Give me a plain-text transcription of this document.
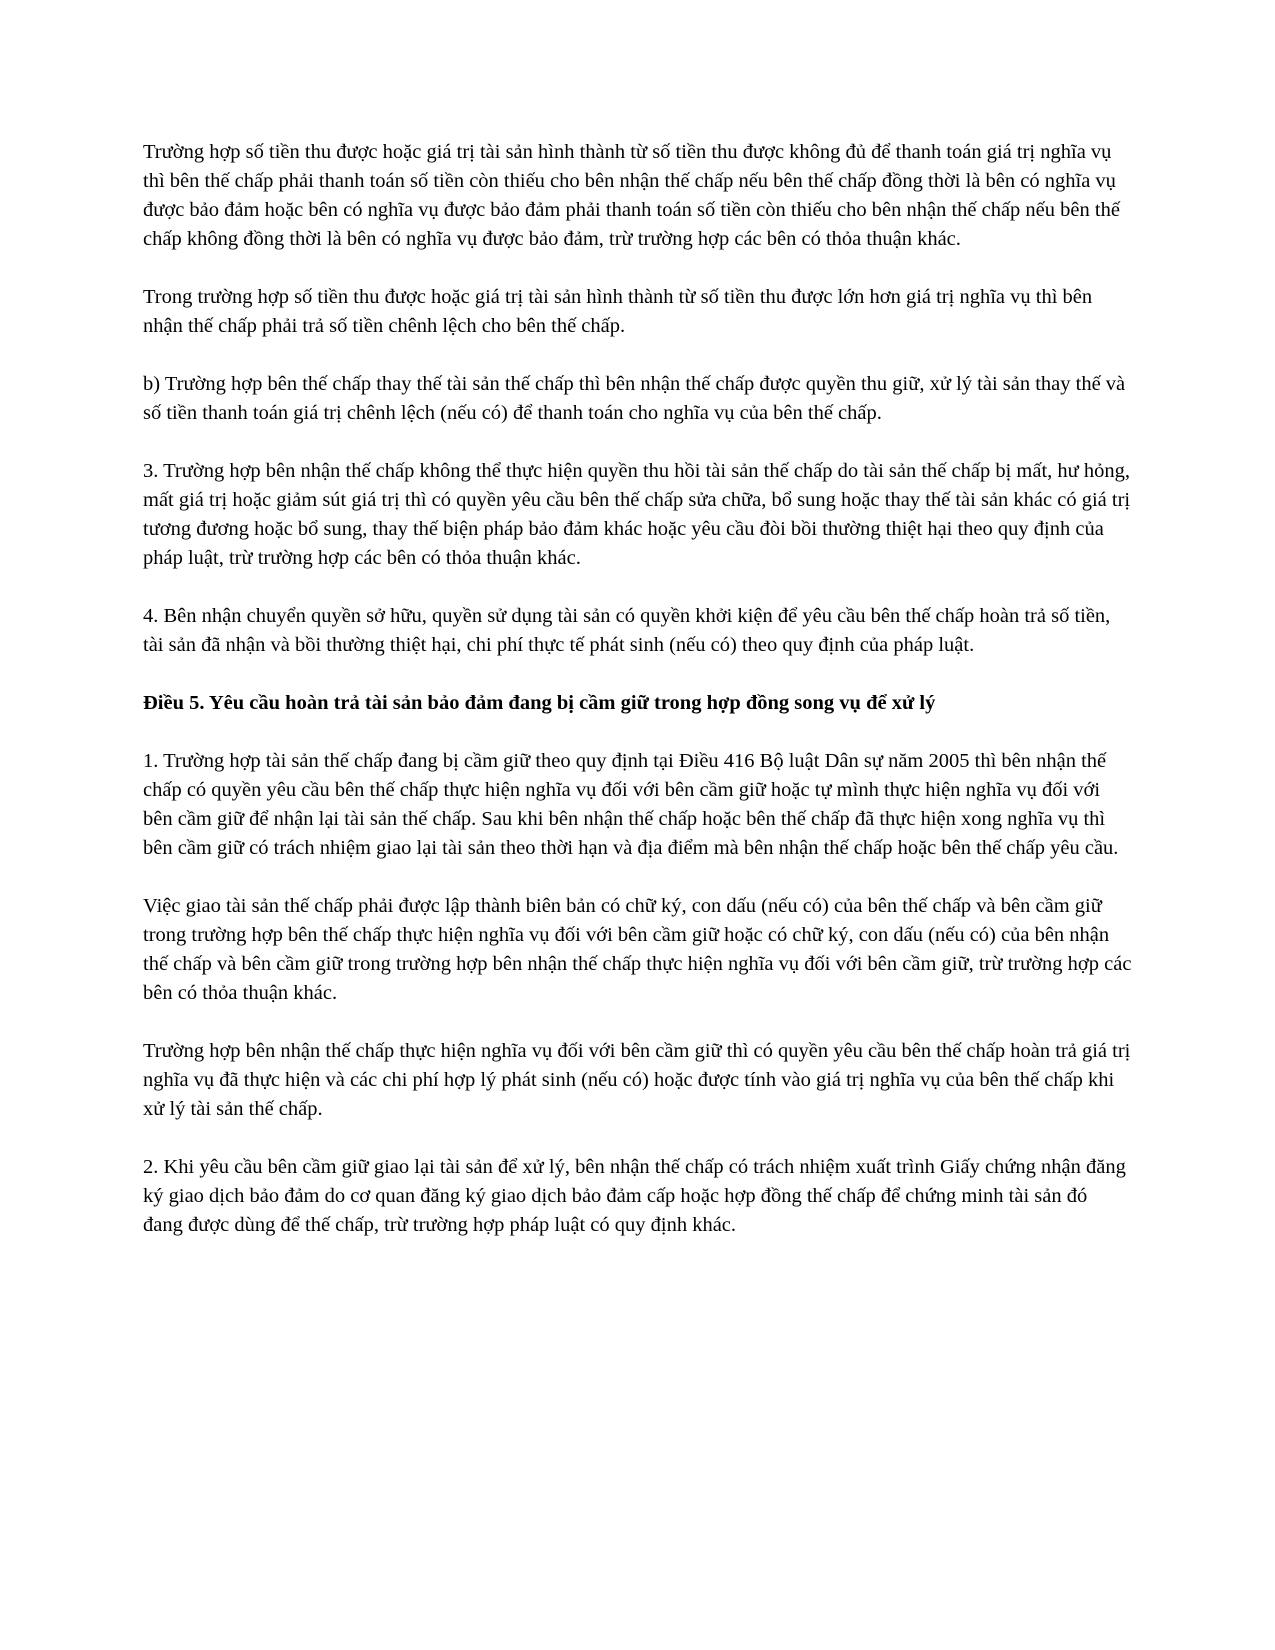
Trường hợp số tiền thu được hoặc giá trị tài sản hình thành từ số tiền thu được không đủ để thanh toán giá trị nghĩa vụ thì bên thế chấp phải thanh toán số tiền còn thiếu cho bên nhận thế chấp nếu bên thế chấp đồng thời là bên có nghĩa vụ được bảo đảm hoặc bên có nghĩa vụ được bảo đảm phải thanh toán số tiền còn thiếu cho bên nhận thế chấp nếu bên thế chấp không đồng thời là bên có nghĩa vụ được bảo đảm, trừ trường hợp các bên có thỏa thuận khác.

Trong trường hợp số tiền thu được hoặc giá trị tài sản hình thành từ số tiền thu được lớn hơn giá trị nghĩa vụ thì bên nhận thế chấp phải trả số tiền chênh lệch cho bên thế chấp.

b) Trường hợp bên thế chấp thay thế tài sản thế chấp thì bên nhận thế chấp được quyền thu giữ, xử lý tài sản thay thế và số tiền thanh toán giá trị chênh lệch (nếu có) để thanh toán cho nghĩa vụ của bên thế chấp.

3. Trường hợp bên nhận thế chấp không thể thực hiện quyền thu hồi tài sản thế chấp do tài sản thế chấp bị mất, hư hỏng, mất giá trị hoặc giảm sút giá trị thì có quyền yêu cầu bên thế chấp sửa chữa, bổ sung hoặc thay thế tài sản khác có giá trị tương đương hoặc bổ sung, thay thế biện pháp bảo đảm khác hoặc yêu cầu đòi bồi thường thiệt hại theo quy định của pháp luật, trừ trường hợp các bên có thỏa thuận khác.

4. Bên nhận chuyển quyền sở hữu, quyền sử dụng tài sản có quyền khởi kiện để yêu cầu bên thế chấp hoàn trả số tiền, tài sản đã nhận và bồi thường thiệt hại, chi phí thực tế phát sinh (nếu có) theo quy định của pháp luật.

Điều 5. Yêu cầu hoàn trả tài sản bảo đảm đang bị cầm giữ trong hợp đồng song vụ để xử lý

1. Trường hợp tài sản thế chấp đang bị cầm giữ theo quy định tại Điều 416 Bộ luật Dân sự năm 2005 thì bên nhận thế chấp có quyền yêu cầu bên thế chấp thực hiện nghĩa vụ đối với bên cầm giữ hoặc tự mình thực hiện nghĩa vụ đối với bên cầm giữ để nhận lại tài sản thế chấp. Sau khi bên nhận thế chấp hoặc bên thế chấp đã thực hiện xong nghĩa vụ thì bên cầm giữ có trách nhiệm giao lại tài sản theo thời hạn và địa điểm mà bên nhận thế chấp hoặc bên thế chấp yêu cầu.

Việc giao tài sản thế chấp phải được lập thành biên bản có chữ ký, con dấu (nếu có) của bên thế chấp và bên cầm giữ trong trường hợp bên thế chấp thực hiện nghĩa vụ đối với bên cầm giữ hoặc có chữ ký, con dấu (nếu có) của bên nhận thế chấp và bên cầm giữ trong trường hợp bên nhận thế chấp thực hiện nghĩa vụ đối với bên cầm giữ, trừ trường hợp các bên có thỏa thuận khác.

Trường hợp bên nhận thế chấp thực hiện nghĩa vụ đối với bên cầm giữ thì có quyền yêu cầu bên thế chấp hoàn trả giá trị nghĩa vụ đã thực hiện và các chi phí hợp lý phát sinh (nếu có) hoặc được tính vào giá trị nghĩa vụ của bên thế chấp khi xử lý tài sản thế chấp.

2. Khi yêu cầu bên cầm giữ giao lại tài sản để xử lý, bên nhận thế chấp có trách nhiệm xuất trình Giấy chứng nhận đăng ký giao dịch bảo đảm do cơ quan đăng ký giao dịch bảo đảm cấp hoặc hợp đồng thế chấp để chứng minh tài sản đó đang được dùng để thế chấp, trừ trường hợp pháp luật có quy định khác.
